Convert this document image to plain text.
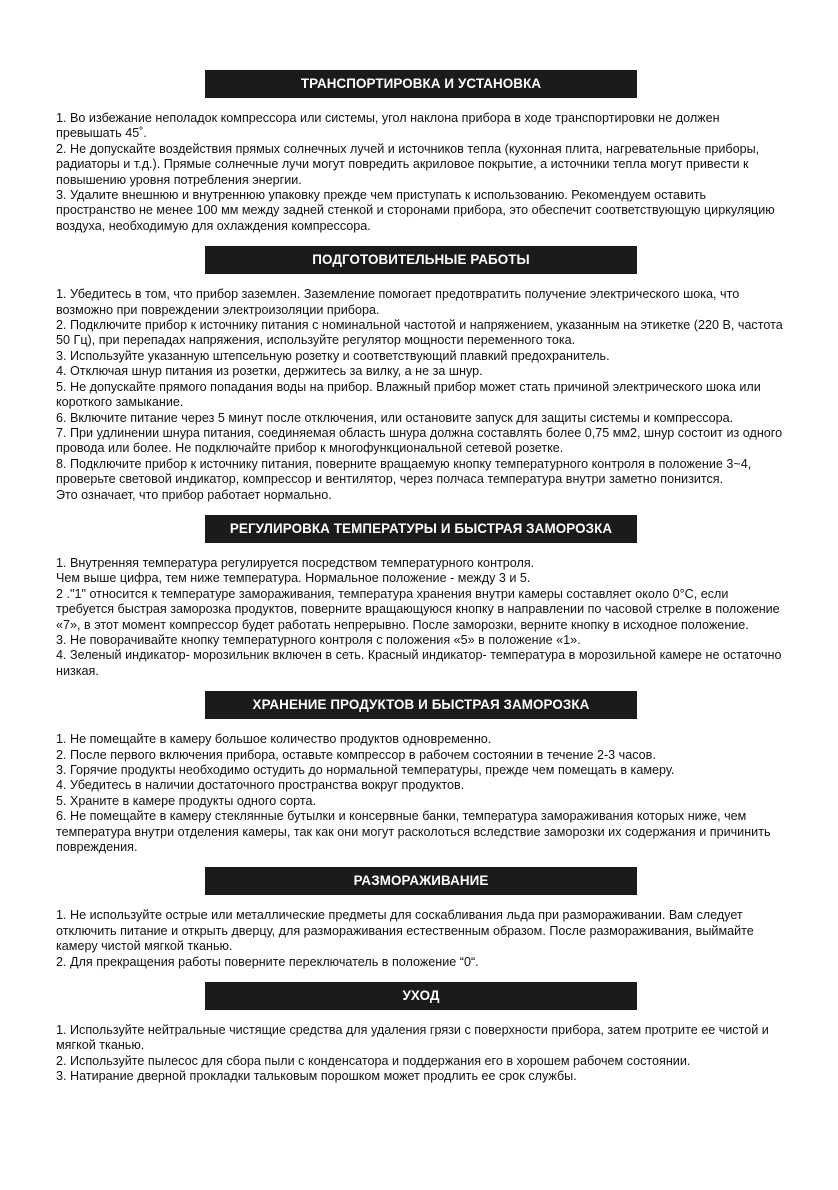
ТРАНСПОРТИРОВКА И УСТАНОВКА

1. Во избежание неполадок компрессора или системы, угол наклона прибора в ходе транспортировки не должен превышать 45˚.

2. Не допускайте воздействия прямых солнечных лучей и источников тепла (кухонная плита, нагревательные приборы, радиаторы и т.д.). Прямые солнечные лучи могут повредить акриловое покрытие, а источники тепла могут привести к повышению уровня потребления энергии.

3. Удалите внешнюю и внутреннюю упаковку прежде чем приступать к использованию. Рекомендуем оставить пространство не менее 100 мм между задней стенкой и сторонами прибора, это обеспечит соответствующую циркуляцию воздуха, необходимую для охлаждения компрессора.

ПОДГОТОВИТЕЛЬНЫЕ РАБОТЫ

1. Убедитесь в том, что прибор заземлен. Заземление помогает предотвратить получение электрического шока, что возможно при повреждении электроизоляции прибора.

2. Подключите прибор к источнику питания с номинальной частотой и напряжением, указанным на этикетке (220 В, частота 50 Гц), при перепадах напряжения, используйте регулятор мощности переменного тока.

3. Используйте указанную штепсельную розетку и соответствующий плавкий предохранитель.

4. Отключая шнур питания из розетки, держитесь за вилку, а не за шнур.

5. Не допускайте прямого попадания воды на прибор. Влажный прибор может стать причиной электрического шока или короткого замыкание.

6. Включите питание через 5 минут после отключения, или остановите запуск для защиты системы и компрессора.

7. При удлинении шнура питания, соединяемая область шнура должна составлять более 0,75 мм2, шнур состоит из одного провода или более. Не подключайте прибор к многофункциональной сетевой розетке.

8. Подключите прибор к источнику питания, поверните вращаемую кнопку температурного контроля в положение 3~4, проверьте световой индикатор, компрессор и вентилятор, через полчаса температура внутри заметно понизится.

Это означает, что прибор работает нормально.

РЕГУЛИРОВКА ТЕМПЕРАТУРЫ И БЫСТРАЯ ЗАМОРОЗКА

1. Внутренняя температура регулируется посредством температурного контроля.

Чем выше цифра, тем ниже температура. Нормальное положение - между 3 и 5.

2 ."1" относится к температуре замораживания, температура хранения внутри камеры составляет около 0°С, если требуется быстрая заморозка продуктов, поверните вращающуюся кнопку в направлении по часовой стрелке в положение «7», в этот момент компрессор будет работать непрерывно. После заморозки, верните кнопку в исходное положение.

3. Не поворачивайте кнопку температурного контроля с положения «5» в положение «1».

4. Зеленый индикатор- морозильник включен в сеть. Красный индикатор- температура в морозильной камере не остаточно низкая.

ХРАНЕНИЕ ПРОДУКТОВ И БЫСТРАЯ ЗАМОРОЗКА

1. Не помещайте в камеру большое количество продуктов одновременно.

2. После первого включения прибора, оставьте компрессор в рабочем состоянии в течение 2-3 часов.

3. Горячие продукты необходимо остудить до нормальной температуры, прежде чем помещать в камеру.

4. Убедитесь в наличии достаточного пространства вокруг продуктов.

5. Храните в камере продукты одного сорта.

6. Не помещайте в камеру стеклянные бутылки и консервные банки, температура замораживания которых ниже, чем температура внутри отделения камеры, так как они могут расколоться вследствие заморозки их содержания и причинить повреждения.

РАЗМОРАЖИВАНИЕ

1. Не используйте острые или металлические предметы для соскабливания льда при размораживании. Вам следует отключить питание и открыть дверцу, для размораживания естественным образом. После размораживания, выймайте камеру чистой мягкой тканью.

2. Для прекращения работы поверните переключатель в положение “0“.

УХОД

1. Используйте нейтральные чистящие средства для удаления грязи с поверхности прибора, затем протрите ее чистой и мягкой тканью.

2. Используйте пылесос для сбора пыли с конденсатора и поддержания его в хорошем рабочем состоянии.

3. Натирание дверной прокладки тальковым порошком может продлить ее срок службы.
